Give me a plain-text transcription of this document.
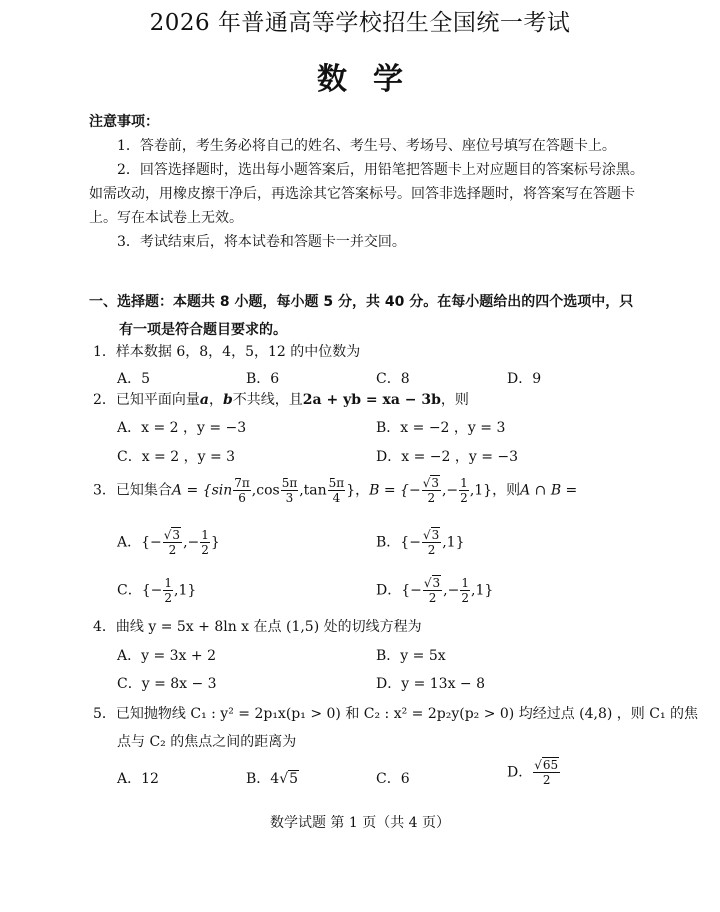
2026 年普通高等学校招生全国统一考试
数学
注意事项：
1．答卷前，考生务必将自己的姓名、考生号、考场号、座位号填写在答题卡上。
2．回答选择题时，选出每小题答案后，用铅笔把答题卡上对应题目的答案标号涂黑。如需改动，用橡皮擦干净后，再选涂其它答案标号。回答非选择题时，将答案写在答题卡上。写在本试卷上无效。
3．考试结束后，将本试卷和答题卡一并交回。
一、选择题：本题共 8 小题，每小题 5 分，共 40 分。在每小题给出的四个选项中，只
有一项是符合题目要求的。
1．样本数据 6，8，4，5，12 的中位数为
A．5	B．6	C．8	D．9
2．已知平面向量a，b不共线，且2a + yb = xa − 3b，则
A．x = 2 ，y = −3	B．x = −2 ，y = 3
C．x = 2 ，y = 3	D．x = −2 ，y = −3
3．已知集合$A = \{\sin \frac{7\pi}{6} ,\cos \frac{5\pi}{3} ,\tan \frac{5\pi}{4}$ }，B = {− $\frac{√3}{2}$ ,− $\frac{1}{2} ,1$}，则A ∩ B =
A．{− $\frac{√3}{2}$ ,− $\frac{1}{2}$ }	B．{− $\frac{√3}{2} ,1$}
C．{− $\frac{1}{2} ,1$}	D．{− $\frac{√3}{2}$ ,− $\frac{1}{2} ,1$}
4．曲线 y = 5x + 8ln x 在点 (1,5) 处的切线方程为
A．y = 3x + 2	B．y = 5x
C．y = 8x − 3	D．y = 13x − 8
5．已知抛物线 C₁ : y² = 2p₁x(p₁ > 0) 和 C₂ : x² = 2p₂y(p₂ > 0) 均经过点 (4,8) ，则 C₁ 的焦
点与 C₂ 的焦点之间的距离为
A．12	B．4√5	C．6	D． $\frac{√65}{2}$
数学试题 第 1 页（共 4 页）
